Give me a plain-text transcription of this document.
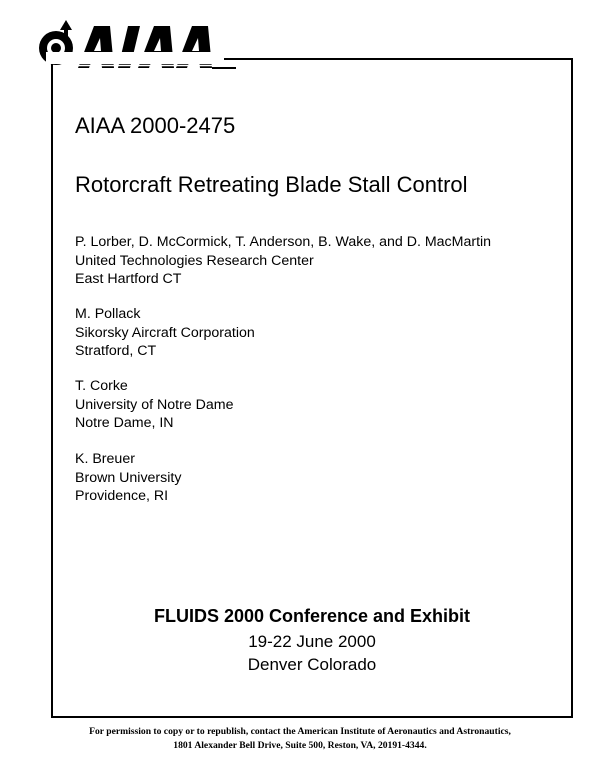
AIAA 2000-2475
Rotorcraft Retreating Blade Stall Control
P. Lorber, D. McCormick, T. Anderson, B. Wake, and D. MacMartin
United Technologies Research Center
East Hartford CT
M. Pollack
Sikorsky Aircraft Corporation
Stratford, CT
T. Corke
University of Notre Dame
Notre Dame, IN
K. Breuer
Brown University
Providence, RI
FLUIDS 2000 Conference and Exhibit
19-22 June 2000
Denver Colorado
For permission to copy or to republish, contact the American Institute of Aeronautics and Astronautics,
1801 Alexander Bell Drive, Suite 500, Reston, VA, 20191-4344.
